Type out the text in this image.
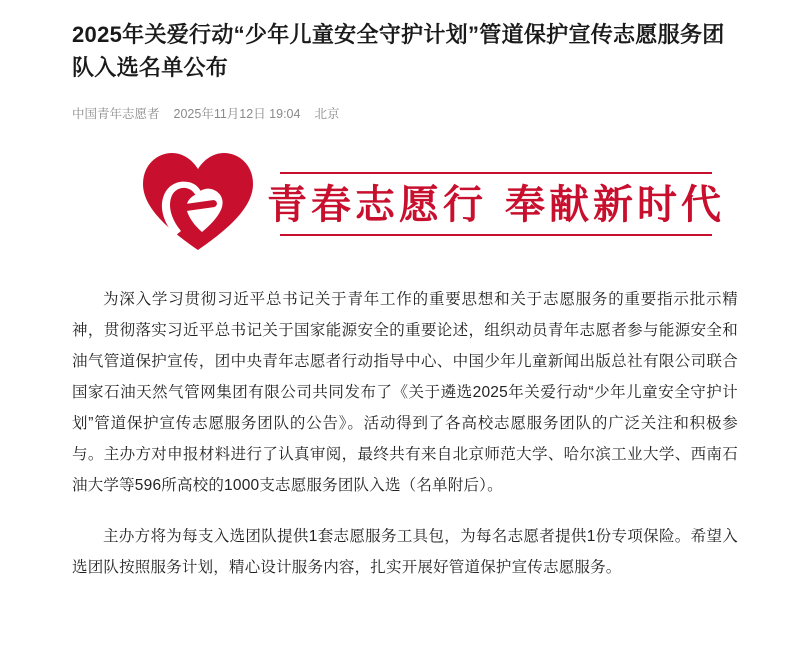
2025年关爱行动“少年儿童安全守护计划”管道保护宣传志愿服务团队入选名单公布
中国青年志愿者 2025年11月12日 19:04 北京
青春志愿行 奉献新时代

为深入学习贯彻习近平总书记关于青年工作的重要思想和关于志愿服务的重要指示批示精神，贯彻落实习近平总书记关于国家能源安全的重要论述，组织动员青年志愿者参与能源安全和油气管道保护宣传，团中央青年志愿者行动指导中心、中国少年儿童新闻出版总社有限公司联合国家石油天然气管网集团有限公司共同发布了《关于遴选2025年关爱行动“少年儿童安全守护计划”管道保护宣传志愿服务团队的公告》。活动得到了各高校志愿服务团队的广泛关注和积极参与。主办方对申报材料进行了认真审阅，最终共有来自北京师范大学、哈尔滨工业大学、西南石油大学等596所高校的1000支志愿服务团队入选（名单附后）。

主办方将为每支入选团队提供1套志愿服务工具包，为每名志愿者提供1份专项保险。希望入选团队按照服务计划，精心设计服务内容，扎实开展好管道保护宣传志愿服务。
